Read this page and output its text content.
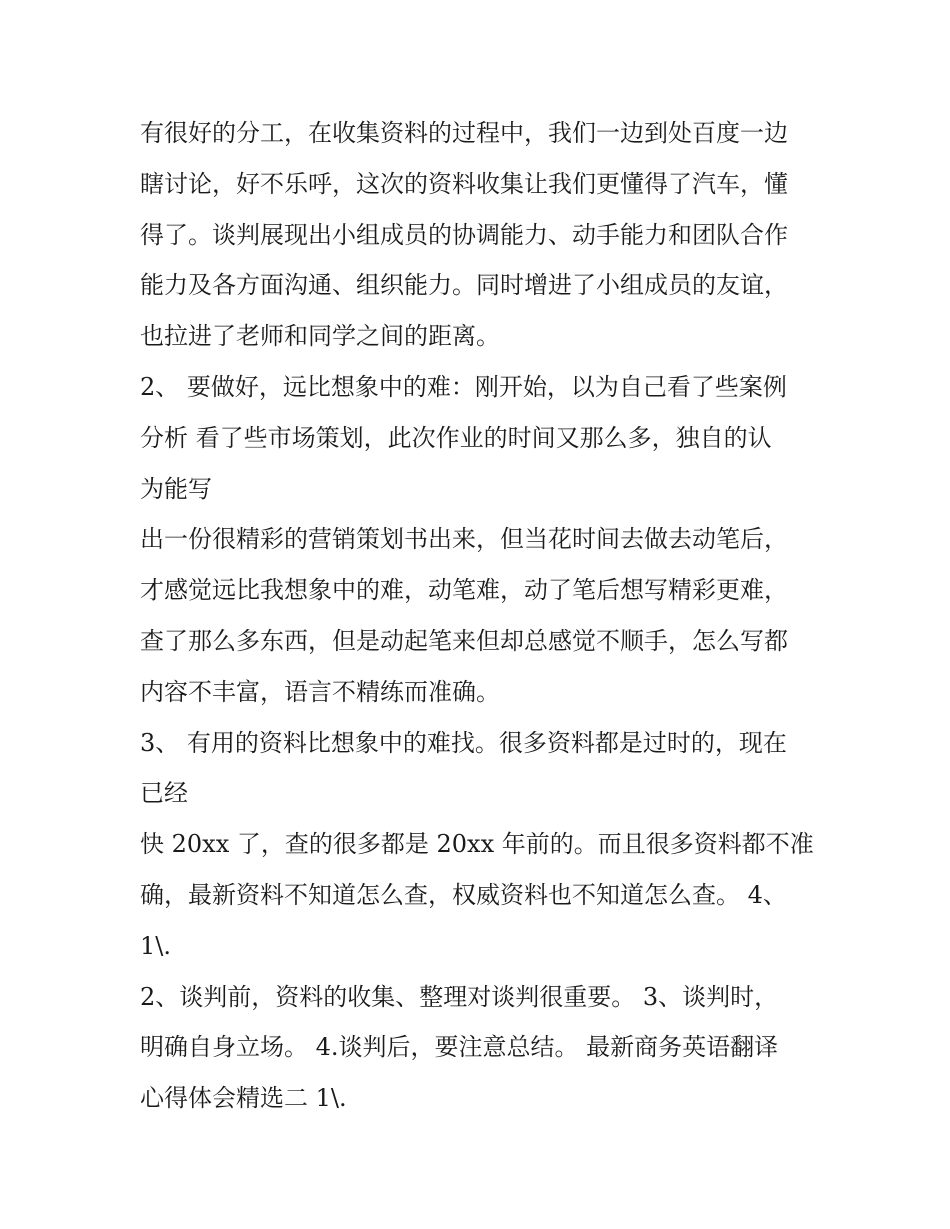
有很好的分工，在收集资料的过程中，我们一边到处百度一边
瞎讨论，好不乐呼，这次的资料收集让我们更懂得了汽车，懂
得了。谈判展现出小组成员的协调能力、动手能力和团队合作
能力及各方面沟通、组织能力。同时增进了小组成员的友谊，
也拉进了老师和同学之间的距离。
2、 要做好，远比想象中的难：刚开始，以为自己看了些案例
分析 看了些市场策划，此次作业的时间又那么多，独自的认
为能写
出一份很精彩的营销策划书出来，但当花时间去做去动笔后，
才感觉远比我想象中的难，动笔难，动了笔后想写精彩更难，
查了那么多东西，但是动起笔来但却总感觉不顺手，怎么写都
内容不丰富，语言不精练而准确。
3、 有用的资料比想象中的难找。很多资料都是过时的，现在
已经
快 20xx 了，查的很多都是 20xx 年前的。而且很多资料都不准
确，最新资料不知道怎么查，权威资料也不知道怎么查。 4、
1\.
2、谈判前，资料的收集、整理对谈判很重要。 3、谈判时，
明确自身立场。 4.谈判后，要注意总结。 最新商务英语翻译
心得体会精选二 1\.
